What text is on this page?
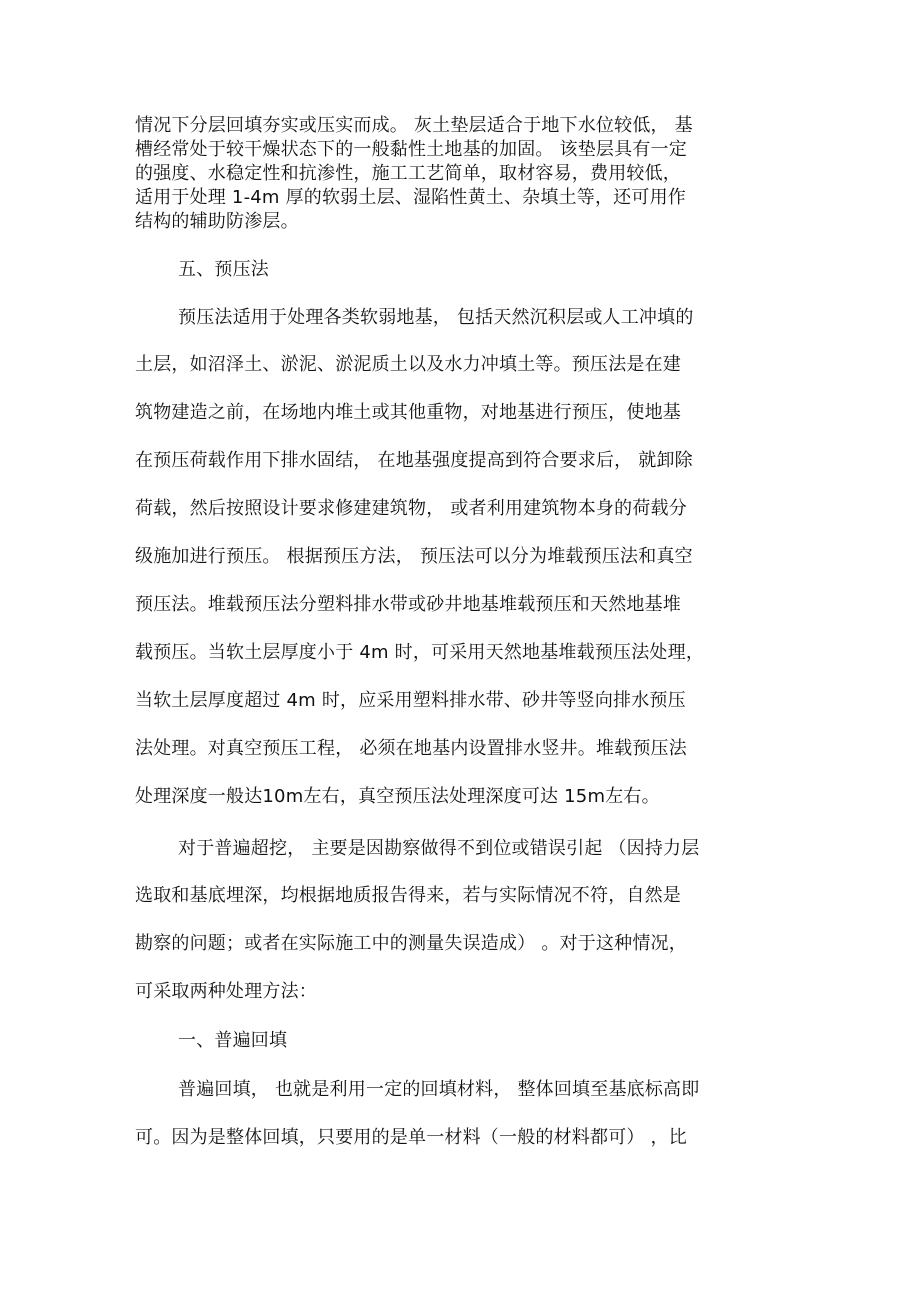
情况下分层回填夯实或压实而成。 灰土垫层适合于地下水位较低， 基
槽经常处于较干燥状态下的一般黏性土地基的加固。 该垫层具有一定
的强度、水稳定性和抗渗性，施工工艺简单，取材容易，费用较低，
适用于处理 1-4m 厚的软弱土层、湿陷性黄土、杂填土等，还可用作
结构的辅助防渗层。
五、预压法
预压法适用于处理各类软弱地基， 包括天然沉积层或人工冲填的
土层，如沼泽土、淤泥、淤泥质土以及水力冲填土等。预压法是在建
筑物建造之前，在场地内堆土或其他重物，对地基进行预压，使地基
在预压荷载作用下排水固结， 在地基强度提高到符合要求后， 就卸除
荷载，然后按照设计要求修建建筑物， 或者利用建筑物本身的荷载分
级施加进行预压。 根据预压方法， 预压法可以分为堆载预压法和真空
预压法。堆载预压法分塑料排水带或砂井地基堆载预压和天然地基堆
载预压。当软土层厚度小于 4m 时，可采用天然地基堆载预压法处理，
当软土层厚度超过 4m 时，应采用塑料排水带、砂井等竖向排水预压
法处理。对真空预压工程， 必须在地基内设置排水竖井。堆载预压法
处理深度一般达10m左右，真空预压法处理深度可达 15m左右。
对于普遍超挖， 主要是因勘察做得不到位或错误引起 （因持力层
选取和基底埋深，均根据地质报告得来，若与实际情况不符，自然是
勘察的问题；或者在实际施工中的测量失误造成） 。对于这种情况，
可采取两种处理方法：
一、普遍回填
普遍回填， 也就是利用一定的回填材料， 整体回填至基底标高即
可。因为是整体回填，只要用的是单一材料（一般的材料都可） ，比
